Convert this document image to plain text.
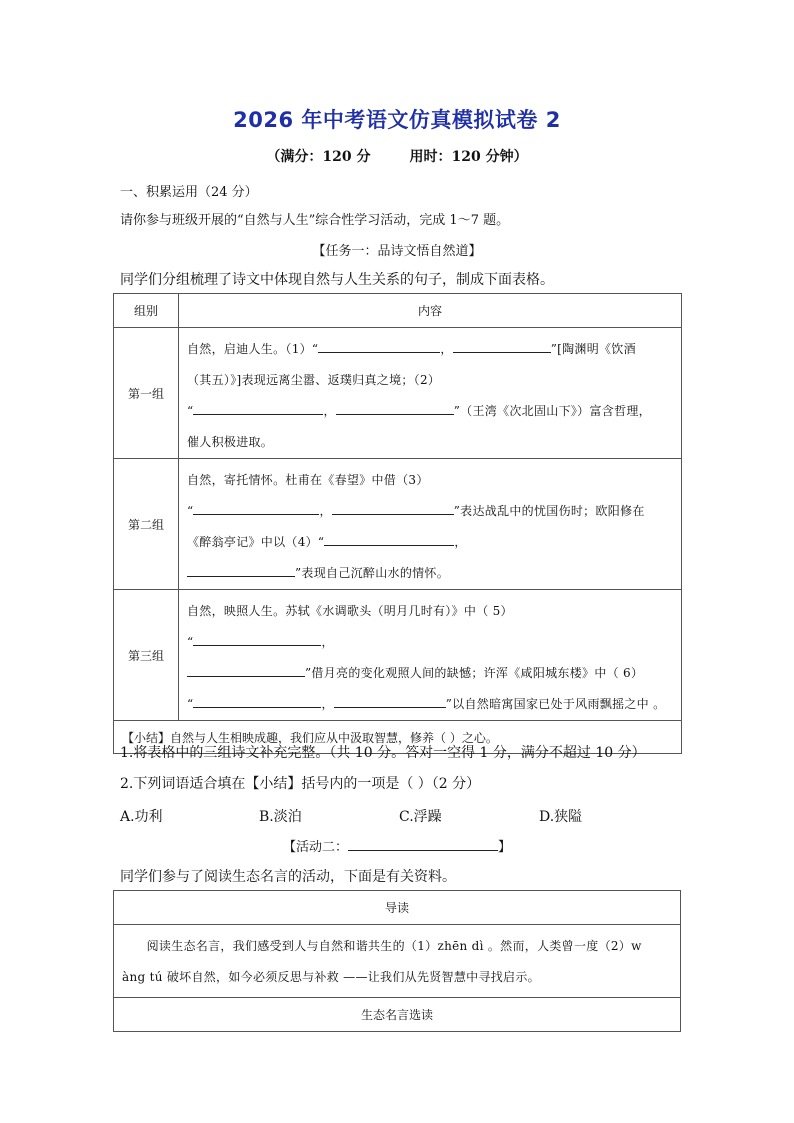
2026 年中考语文仿真模拟试卷 2
（满分：120 分        用时：120 分钟）
一、积累运用（24 分）
请你参与班级开展的“自然与人生”综合性学习活动，完成 1～7 题。
【任务一：品诗文悟自然道】
同学们分组梳理了诗文中体现自然与人生关系的句子，制成下面表格。
组别	内容
第一组	自然，启迪人生。（1）“ ， ”[陶渊明《饮酒

（其五）》]表现远离尘嚣、返璞归真之境；（2）

“ ， ”（王湾《次北固山下》）富含哲理，

催人积极进取。

第二组	自然，寄托情怀。杜甫在《春望》中借（3）

“ ， ”表达战乱中的忧国伤时；欧阳修在

《醉翁亭记》中以（4）“ ，

”表现自己沉醉山水的情怀。

第三组	自然，映照人生。苏轼《水调歌头（明月几时有）》中（ 5）

“ ，

”借月亮的变化观照人间的缺憾；许浑《咸阳城东楼》中（ 6）

“ ， ”以自然暗寓国家已处于风雨飘摇之中 。

【小结】自然与人生相映成趣，我们应从中汲取智慧，修养（ ）之心。	
1.将表格中的三组诗文补充完整。（共 10 分。答对一空得 1 分，满分不超过 10 分）
2.下列词语适合填在【小结】括号内的一项是（ ）（2 分）
A.功利	B.淡泊	C.浮躁	D.狭隘
【活动二：	】
同学们参与了阅读生态名言的活动，下面是有关资料。
导读

　　阅读生态名言，我们感受到人与自然和谐共生的（1）zhēn dì 。然而，人类曾一度（2）w

àng tú 破坏自然，如今必须反思与补救 ——让我们从先贤智慧中寻找启示。

生态名言选读
